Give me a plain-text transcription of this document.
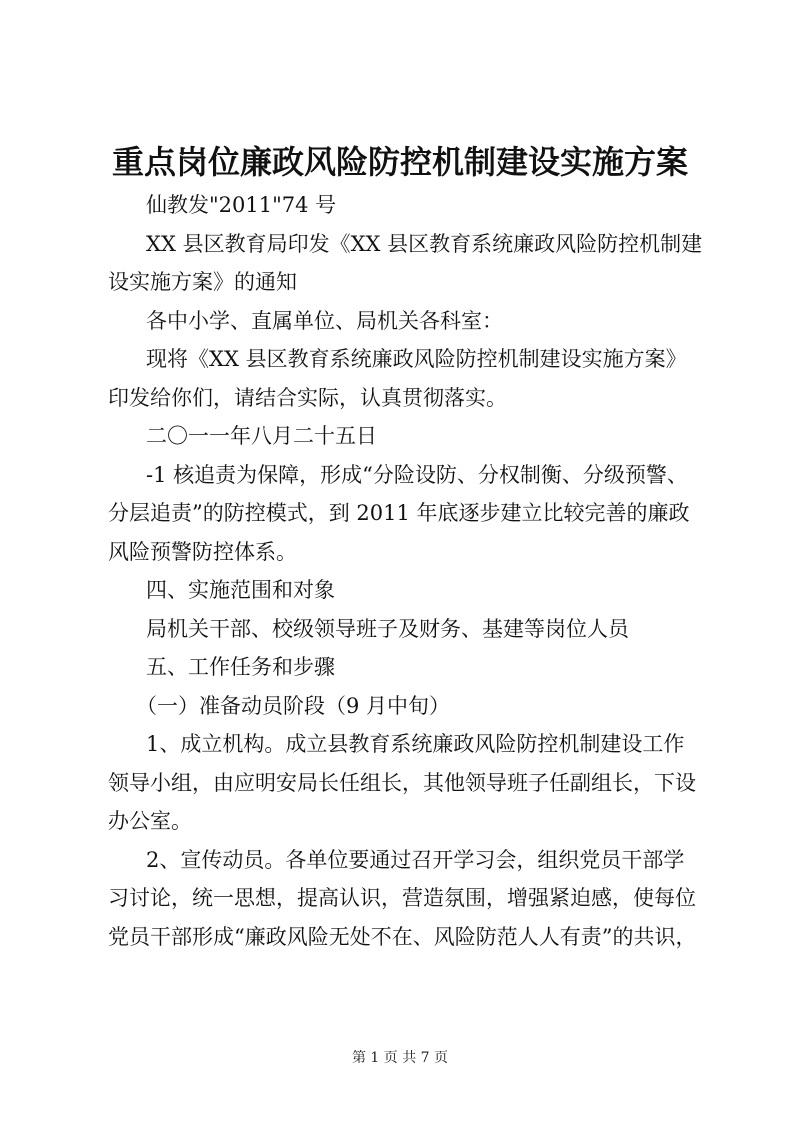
重点岗位廉政风险防控机制建设实施方案

仙教发"2011"74 号

XX 县区教育局印发《XX 县区教育系统廉政风险防控机制建

设实施方案》的通知

各中小学、直属单位、局机关各科室：

现将《XX 县区教育系统廉政风险防控机制建设实施方案》

印发给你们，请结合实际，认真贯彻落实。

二〇一一年八月二十五日

-1 核追责为保障，形成“分险设防、分权制衡、分级预警、

分层追责”的防控模式，到 2011 年底逐步建立比较完善的廉政

风险预警防控体系。

四、实施范围和对象

局机关干部、校级领导班子及财务、基建等岗位人员

五、工作任务和步骤

（一）准备动员阶段（9 月中旬）

1、成立机构。成立县教育系统廉政风险防控机制建设工作

领导小组，由应明安局长任组长，其他领导班子任副组长，下设

办公室。

2、宣传动员。各单位要通过召开学习会，组织党员干部学

习讨论，统一思想，提高认识，营造氛围，增强紧迫感，使每位

党员干部形成“廉政风险无处不在、风险防范人人有责”的共识，

第 1 页 共 7 页
